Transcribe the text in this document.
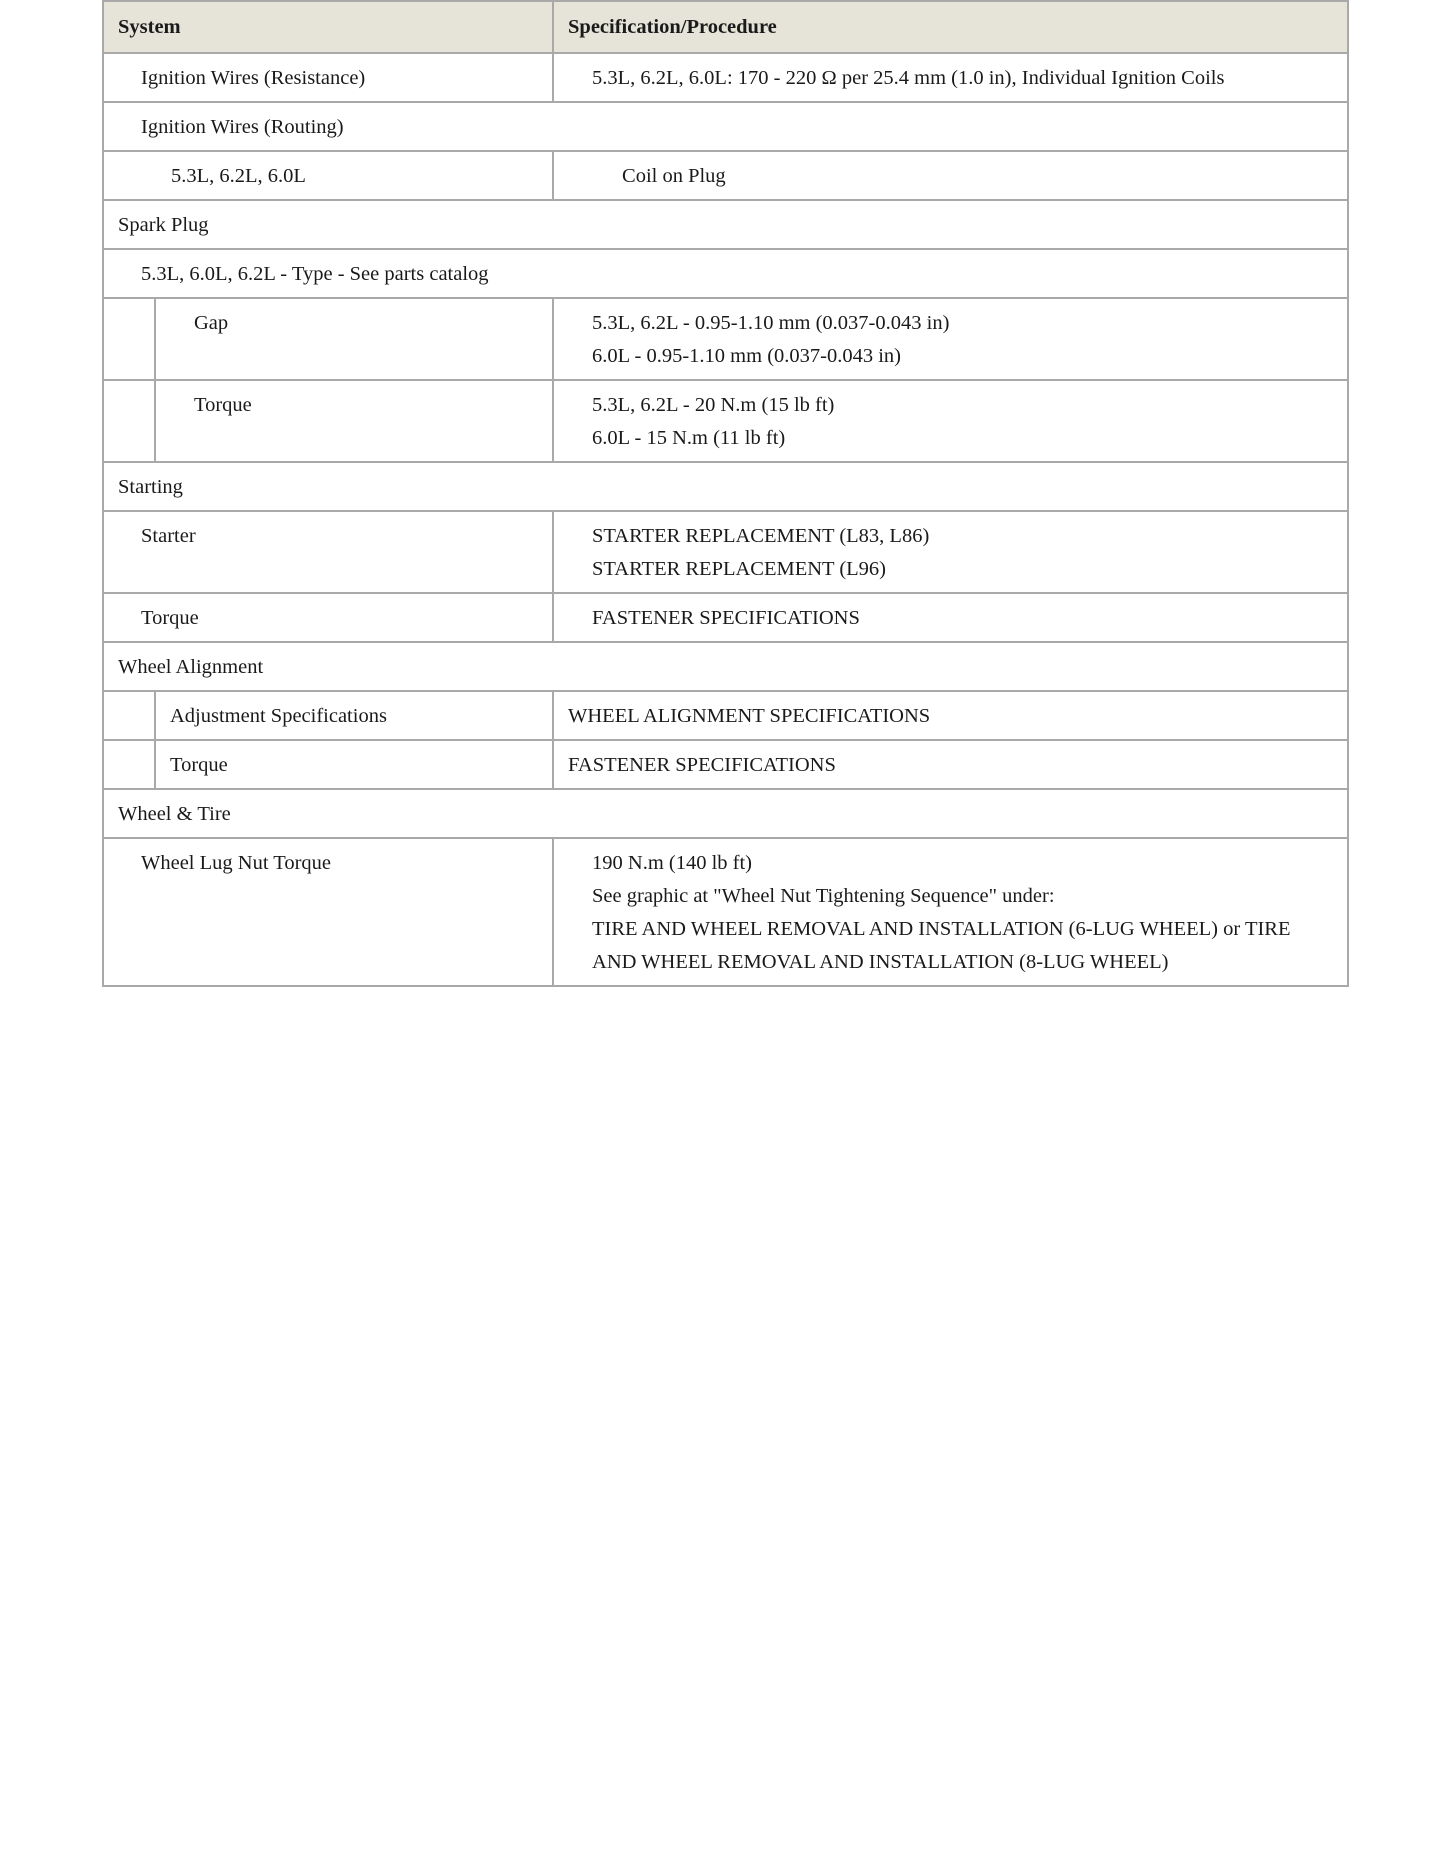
System		Specification/Procedure
Ignition Wires (Resistance)		5.3L, 6.2L, 6.0L: 170 - 220 Ω per 25.4 mm (1.0 in), Individual Ignition Coils
Ignition Wires (Routing)		
5.3L, 6.2L, 6.0L		Coil on Plug
Spark Plug		
5.3L, 6.0L, 6.2L - Type - See parts catalog		
	Gap	5.3L, 6.2L - 0.95-1.10 mm (0.037-0.043 in)
6.0L - 0.95-1.10 mm (0.037-0.043 in)

	Torque	5.3L, 6.2L - 20 N.m (15 lb ft)
6.0L - 15 N.m (11 lb ft)

Starting		
Starter		STARTER REPLACEMENT (L83, L86)
STARTER REPLACEMENT (L96)

Torque		FASTENER SPECIFICATIONS
Wheel Alignment		
	Adjustment Specifications	WHEEL ALIGNMENT SPECIFICATIONS
	Torque	FASTENER SPECIFICATIONS
Wheel & Tire		
Wheel Lug Nut Torque		190 N.m (140 lb ft)
See graphic at "Wheel Nut Tightening Sequence" under:
TIRE AND WHEEL REMOVAL AND INSTALLATION (6-LUG WHEEL) or TIRE AND WHEEL REMOVAL AND INSTALLATION (8-LUG WHEEL)
